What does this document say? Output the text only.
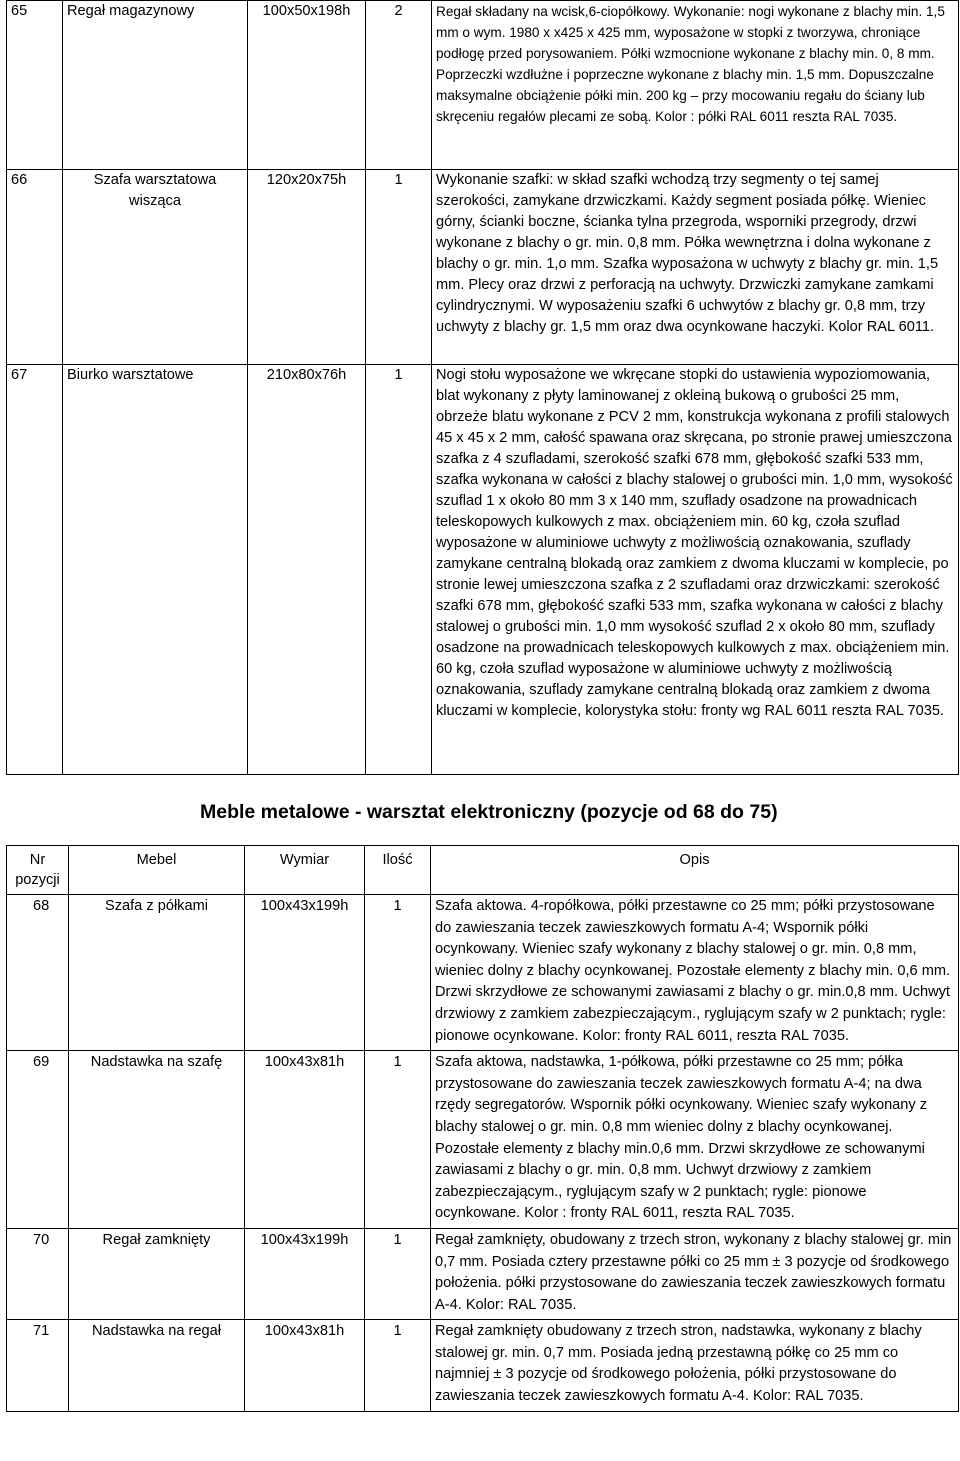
65	Regał magazynowy	100x50x198h	2	Regał składany na wcisk,6-ciopółkowy. Wykonanie: nogi wykonane z blachy min. 1,5 mm o wym. 1980 x x425 x 425 mm, wyposażone w stopki z tworzywa, chroniące podłogę przed porysowaniem. Półki wzmocnione wykonane z blachy min. 0, 8 mm. Poprzeczki wzdłużne i poprzeczne wykonane z blachy min. 1,5 mm. Dopuszczalne maksymalne obciążenie półki min. 200 kg – przy mocowaniu regału do ściany lub skręceniu regałów plecami ze sobą. Kolor : półki RAL 6011 reszta RAL 7035.
66	Szafa warsztatowa wisząca	120x20x75h	1	Wykonanie szafki: w skład szafki wchodzą trzy segmenty o tej samej szerokości, zamykane drzwiczkami. Każdy segment posiada półkę. Wieniec górny, ścianki boczne, ścianka tylna przegroda, wsporniki przegrody, drzwi wykonane z blachy o gr. min. 0,8 mm. Półka wewnętrzna i dolna wykonane z blachy o gr. min. 1,o mm. Szafka wyposażona w uchwyty z blachy gr. min. 1,5 mm. Plecy oraz drzwi z perforacją na uchwyty. Drzwiczki zamykane zamkami cylindrycznymi. W wyposażeniu szafki 6 uchwytów z blachy gr. 0,8 mm, trzy uchwyty z blachy gr. 1,5 mm oraz dwa ocynkowane haczyki. Kolor RAL 6011.
67	Biurko warsztatowe	210x80x76h	1	Nogi stołu wyposażone we wkręcane stopki do ustawienia wypoziomowania, blat wykonany z płyty laminowanej z okleiną bukową o grubości 25 mm, obrzeże blatu wykonane z PCV 2 mm, konstrukcja wykonana z profili stalowych 45 x 45 x 2 mm, całość spawana oraz skręcana, po stronie prawej umieszczona szafka z 4 szufladami, szerokość szafki 678 mm, głębokość szafki 533 mm, szafka wykonana w całości z blachy stalowej o grubości min. 1,0 mm, wysokość szuflad 1 x około 80 mm 3 x 140 mm, szuflady osadzone na prowadnicach teleskopowych kulkowych z max. obciążeniem min. 60 kg, czoła szuflad wyposażone w aluminiowe uchwyty z możliwością oznakowania, szuflady zamykane centralną blokadą oraz zamkiem z dwoma kluczami w komplecie, po stronie lewej umieszczona szafka z 2 szufladami oraz drzwiczkami: szerokość szafki 678 mm, głębokość szafki 533 mm, szafka wykonana w całości z blachy stalowej o grubości min. 1,0 mm wysokość szuflad 2 x około 80 mm, szuflady osadzone na prowadnicach teleskopowych kulkowych z max. obciążeniem min. 60 kg, czoła szuflad wyposażone w aluminiowe uchwyty z możliwością oznakowania, szuflady zamykane centralną blokadą oraz zamkiem z dwoma kluczami w komplecie, kolorystyka stołu: fronty wg RAL 6011 reszta RAL 7035.
Meble metalowe - warsztat elektroniczny (pozycje od 68 do 75)
Nr pozycji	Mebel	Wymiar	Ilość	Opis
68	Szafa z półkami	100x43x199h	1	Szafa aktowa. 4-ropółkowa, półki przestawne co 25 mm; półki przystosowane do zawieszania teczek zawieszkowych formatu A-4; Wspornik półki ocynkowany. Wieniec szafy wykonany z blachy stalowej o gr. min. 0,8 mm, wieniec dolny z blachy ocynkowanej. Pozostałe elementy z blachy min. 0,6 mm. Drzwi skrzydłowe ze schowanymi zawiasami z blachy o gr. min.0,8 mm. Uchwyt drzwiowy z zamkiem zabezpieczającym., ryglującym szafy w 2 punktach; rygle: pionowe ocynkowane. Kolor: fronty RAL 6011, reszta RAL 7035.
69	Nadstawka na szafę	100x43x81h	1	Szafa aktowa, nadstawka, 1-półkowa, półki przestawne co 25 mm; półka przystosowane do zawieszania teczek zawieszkowych formatu A-4; na dwa rzędy segregatorów. Wspornik półki ocynkowany. Wieniec szafy wykonany z blachy stalowej o gr. min. 0,8 mm wieniec dolny z blachy ocynkowanej. Pozostałe elementy z blachy min.0,6 mm. Drzwi skrzydłowe ze schowanymi zawiasami z blachy o gr. min. 0,8 mm. Uchwyt drzwiowy z zamkiem zabezpieczającym., ryglującym szafy w 2 punktach; rygle: pionowe ocynkowane. Kolor : fronty RAL 6011, reszta RAL 7035.
70	Regał zamknięty	100x43x199h	1	Regał zamknięty, obudowany z trzech stron, wykonany z blachy stalowej gr. min 0,7 mm. Posiada cztery przestawne półki co 25 mm ± 3 pozycje od środkowego położenia. półki przystosowane do zawieszania teczek zawieszkowych formatu A-4. Kolor: RAL 7035.
71	Nadstawka na regał	100x43x81h	1	Regał zamknięty obudowany z trzech stron, nadstawka, wykonany z blachy stalowej gr. min. 0,7 mm. Posiada jedną przestawną półkę co 25 mm co najmniej ± 3 pozycje od środkowego położenia, półki przystosowane do zawieszania teczek zawieszkowych formatu A-4. Kolor: RAL 7035.
